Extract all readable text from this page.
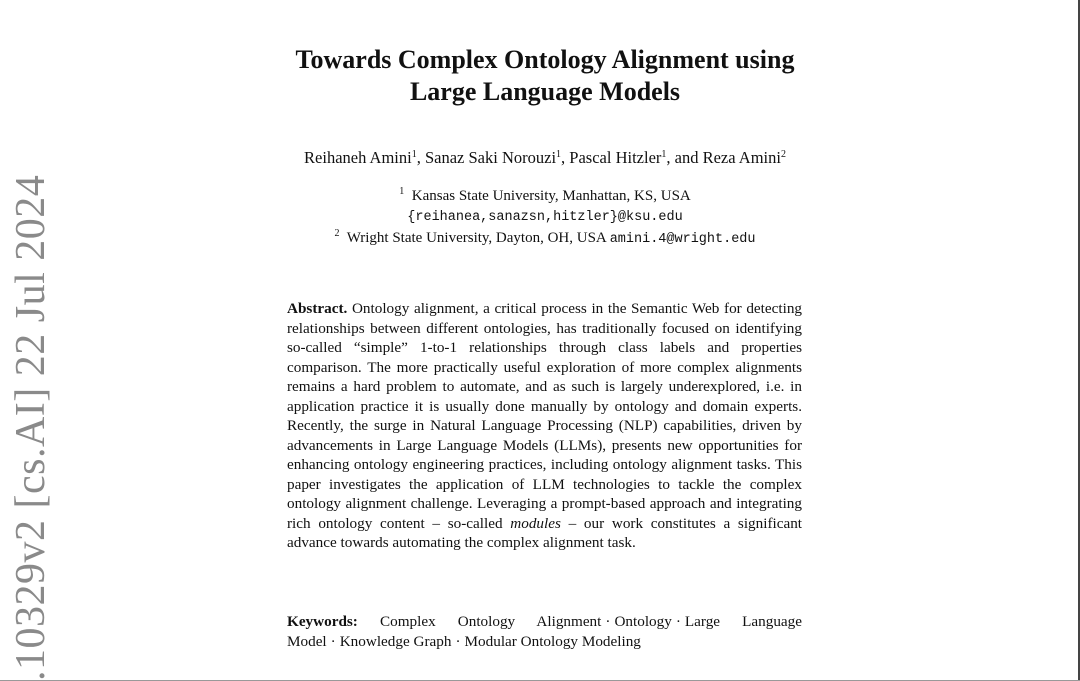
.10329v2 [cs.AI] 22 Jul 2024
Towards Complex Ontology Alignment using
Large Language Models
Reihaneh Amini$^1$, Sanaz Saki Norouzi$^1$, Pascal Hitzler$^1$, and Reza Amini$^2$
$^1$ Kansas State University, Manhattan, KS, USA
{reihanea,sanazsn,hitzler}@ksu.edu
$^2$ Wright State University, Dayton, OH, USA amini.4@wright.edu
Abstract. Ontology alignment, a critical process in the Semantic Web for detecting relationships between different ontologies, has traditionally focused on identifying so-called “simple” 1-to-1 relationships through class labels and properties comparison. The more practically useful exploration of more complex alignments remains a hard problem to automate, and as such is largely underexplored, i.e. in application practice it is usually done manually by ontology and domain experts. Recently, the surge in Natural Language Processing (NLP) capabilities, driven by advancements in Large Language Models (LLMs), presents new opportunities for enhancing ontology engineering practices, including ontology alignment tasks. This paper investigates the application of LLM technologies to tackle the complex ontology alignment challenge. Leveraging a prompt-based approach and integrating rich ontology content – so-called modules – our work constitutes a significant advance towards automating the complex alignment task.
Keywords: Complex Ontology Alignment · Ontology · Large Language Model · Knowledge Graph · Modular Ontology Modeling
